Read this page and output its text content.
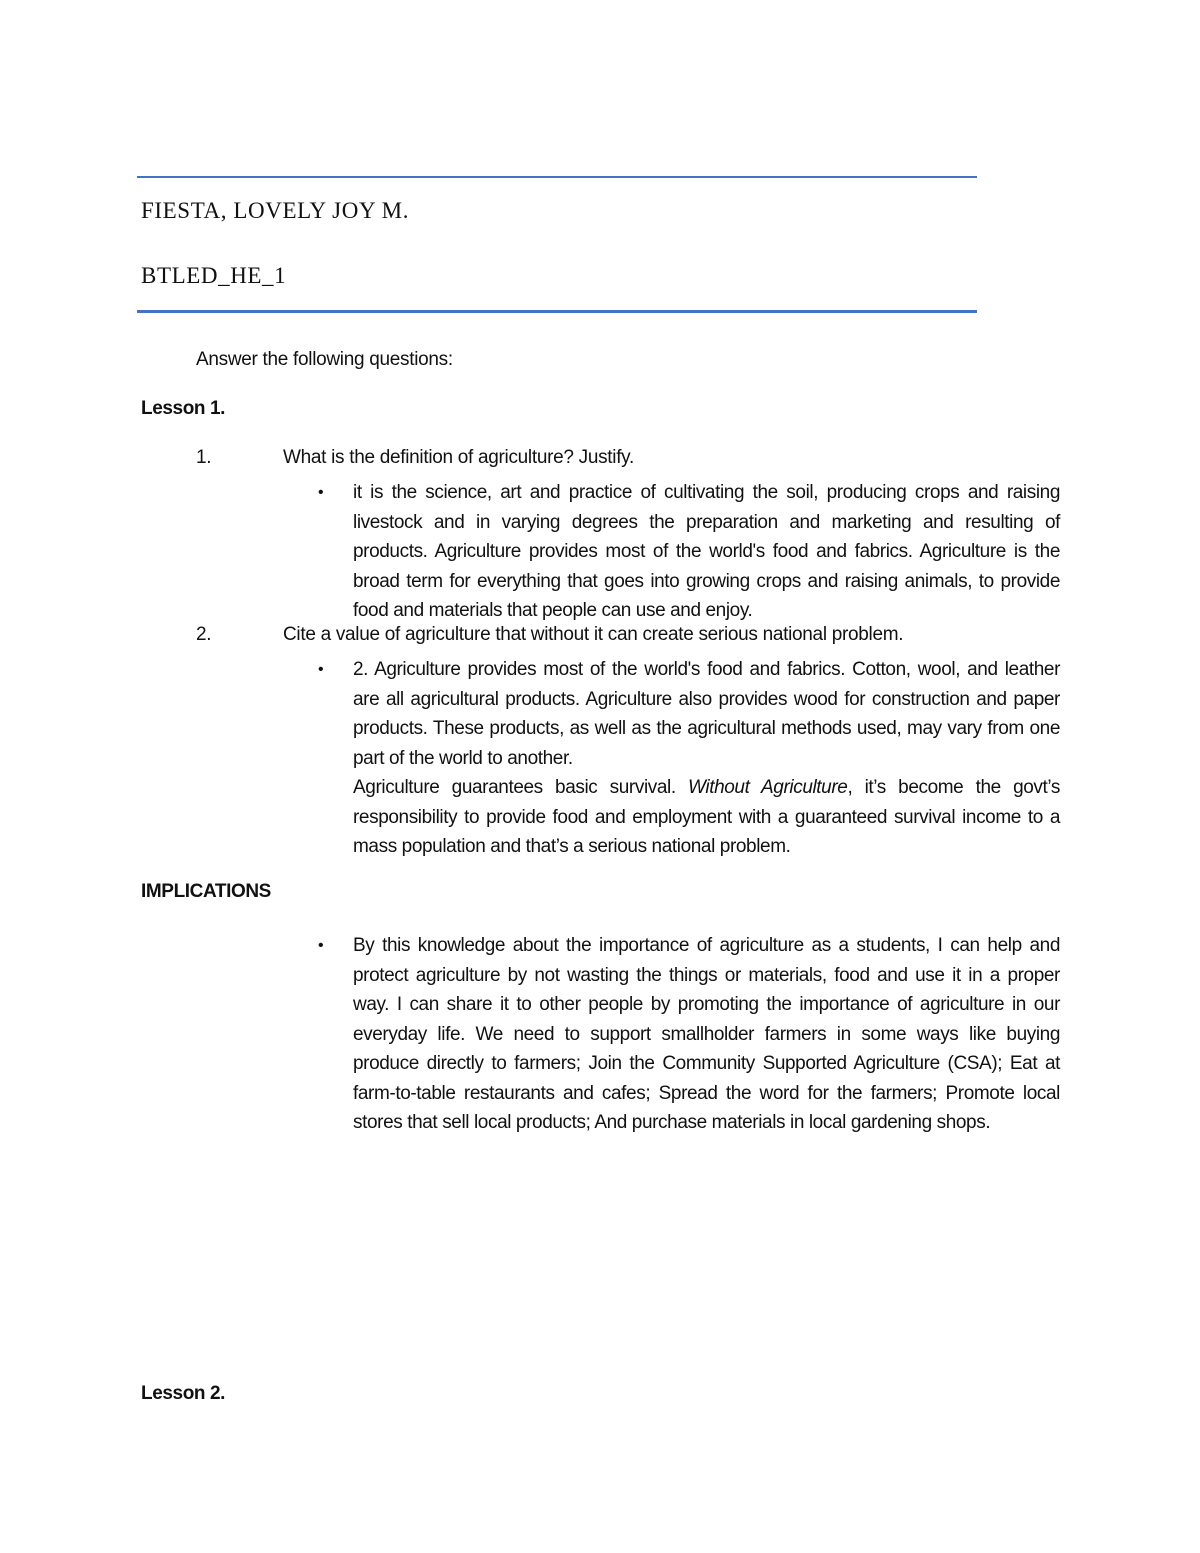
FIESTA, LOVELY JOY M.
BTLED_HE_1
Answer the following questions:
Lesson 1.
1.	What is the definition of agriculture? Justify.
• it is the science, art and practice of cultivating the soil, producing crops and raising livestock and in varying degrees the preparation and marketing and resulting of products. Agriculture provides most of the world's food and fabrics. Agriculture is the broad term for everything that goes into growing crops and raising animals, to provide food and materials that people can use and enjoy.
2.	Cite a value of agriculture that without it can create serious national problem.
• 2. Agriculture provides most of the world's food and fabrics. Cotton, wool, and leather are all agricultural products. Agriculture also provides wood for construction and paper products. These products, as well as the agricultural methods used, may vary from one part of the world to another.

Agriculture guarantees basic survival. Without Agriculture, it’s become the govt’s responsibility to provide food and employment with a guaranteed survival income to a mass population and that’s a serious national problem.

IMPLICATIONS
• By this knowledge about the importance of agriculture as a students, I can help and protect agriculture by not wasting the things or materials, food and use it in a proper way. I can share it to other people by promoting the importance of agriculture in our everyday life. We need to support smallholder farmers in some ways like buying produce directly to farmers; Join the Community Supported Agriculture (CSA); Eat at farm-to-table restaurants and cafes; Spread the word for the farmers; Promote local stores that sell local products; And purchase materials in local gardening shops.
Lesson 2.
